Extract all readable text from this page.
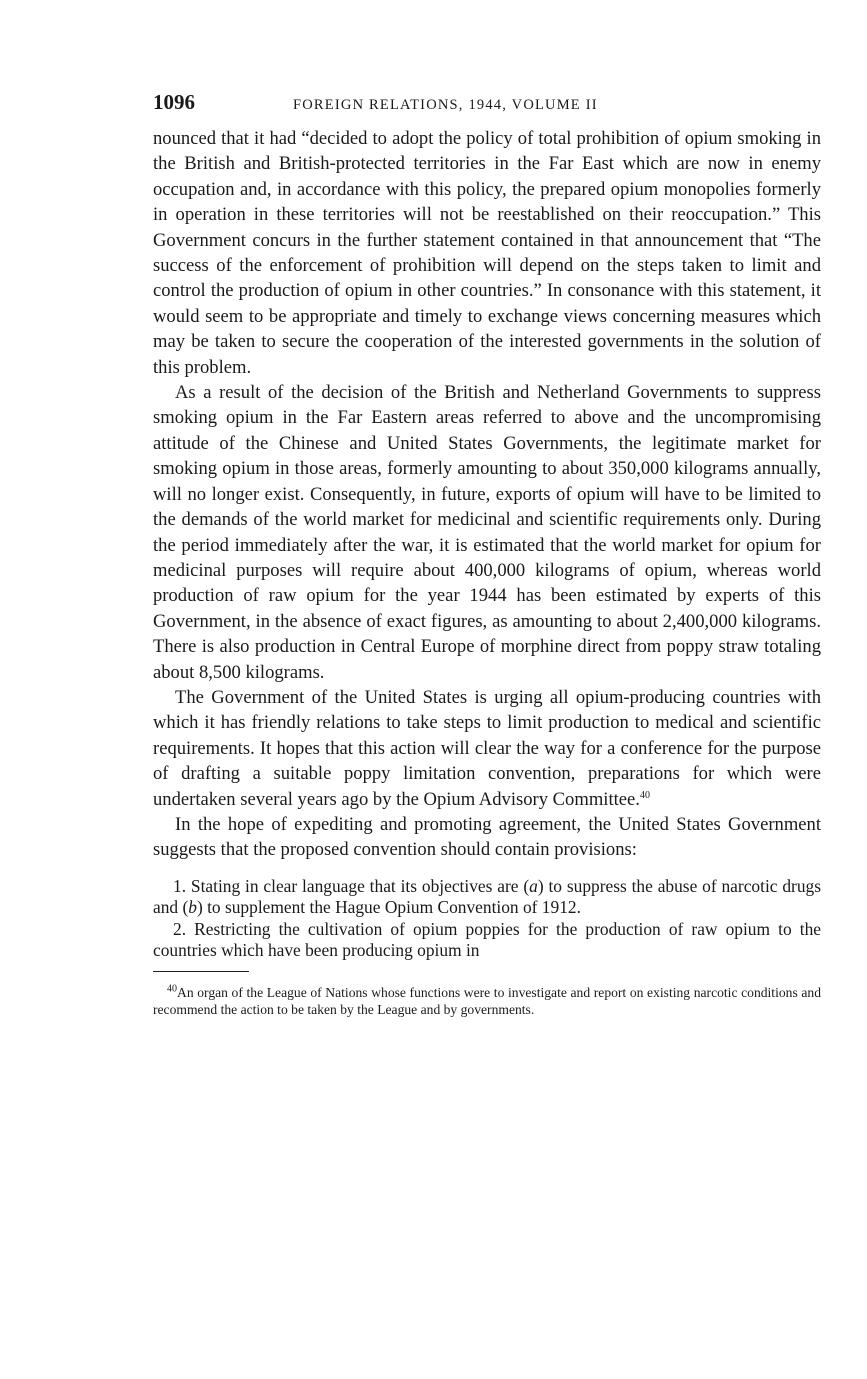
1096	FOREIGN RELATIONS, 1944, VOLUME II

nounced that it had “decided to adopt the policy of total prohibition of opium smoking in the British and British-protected territories in the Far East which are now in enemy occupation and, in accordance with this policy, the prepared opium monopolies formerly in operation in these territories will not be reestablished on their reoccupation.” This Government concurs in the further statement contained in that announcement that “The success of the enforcement of prohibition will depend on the steps taken to limit and control the production of opium in other countries.” In consonance with this statement, it would seem to be appropriate and timely to exchange views concerning measures which may be taken to secure the cooperation of the interested governments in the solution of this problem.

As a result of the decision of the British and Netherland Governments to suppress smoking opium in the Far Eastern areas referred to above and the uncompromising attitude of the Chinese and United States Governments, the legitimate market for smoking opium in those areas, formerly amounting to about 350,000 kilograms annually, will no longer exist. Consequently, in future, exports of opium will have to be limited to the demands of the world market for medicinal and scientific requirements only. During the period immediately after the war, it is estimated that the world market for opium for medicinal purposes will require about 400,000 kilograms of opium, whereas world production of raw opium for the year 1944 has been estimated by experts of this Government, in the absence of exact figures, as amounting to about 2,400,000 kilograms. There is also production in Central Europe of morphine direct from poppy straw totaling about 8,500 kilograms.

The Government of the United States is urging all opium-producing countries with which it has friendly relations to take steps to limit production to medical and scientific requirements. It hopes that this action will clear the way for a conference for the purpose of drafting a suitable poppy limitation convention, preparations for which were undertaken several years ago by the Opium Advisory Committee.$^{40}$

In the hope of expediting and promoting agreement, the United States Government suggests that the proposed convention should contain provisions:

1. Stating in clear language that its objectives are (a) to suppress the abuse of narcotic drugs and (b) to supplement the Hague Opium Convention of 1912.

2. Restricting the cultivation of opium poppies for the production of raw opium to the countries which have been producing opium in

$^{40}$An organ of the League of Nations whose functions were to investigate and report on existing narcotic conditions and recommend the action to be taken by the League and by governments.
